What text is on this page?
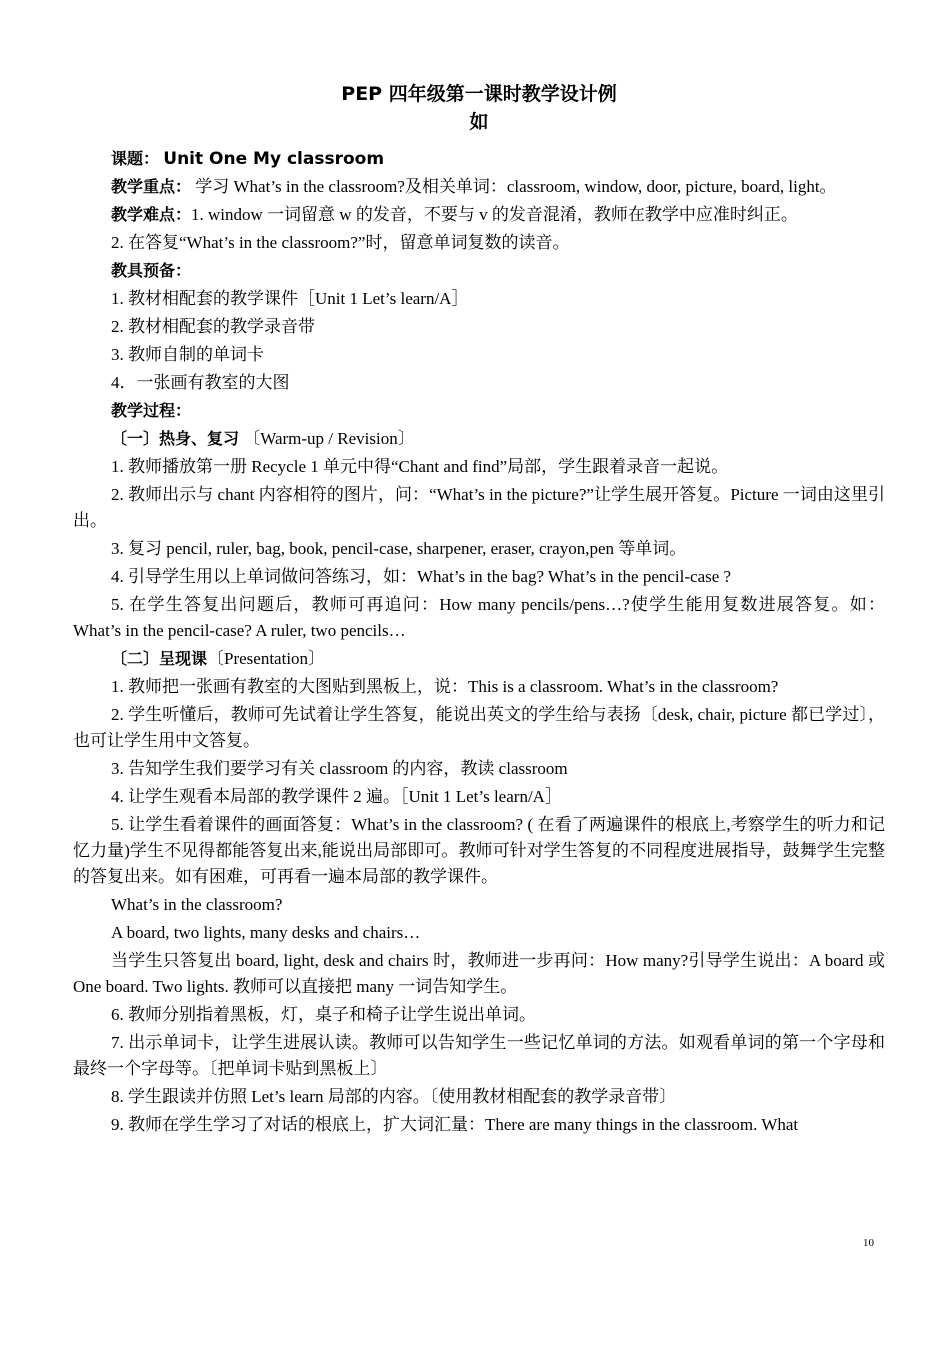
PEP 四年级第一课时教学设计例
如

课题： Unit One My classroom

教学重点： 学习 What’s in the classroom?及相关单词：classroom, window, door, picture, board, light。

教学难点：1. window 一词留意 w 的发音，不要与 v 的发音混淆，教师在教学中应准时纠正。

2. 在答复“What’s in the classroom?”时，留意单词复数的读音。

教具预备：

1. 教材相配套的教学课件［Unit 1 Let’s learn/A］

2. 教材相配套的教学录音带

3. 教师自制的单词卡

4．一张画有教室的大图

教学过程：

〔一〕热身、复习 〔Warm-up / Revision〕

1. 教师播放第一册 Recycle 1 单元中得“Chant and find”局部，学生跟着录音一起说。

2. 教师出示与 chant 内容相符的图片，问：“What’s in the picture?”让学生展开答复。Picture 一词由这里引出。

3. 复习 pencil, ruler, bag, book, pencil-case, sharpener, eraser, crayon,pen 等单词。

4. 引导学生用以上单词做问答练习，如：What’s in the bag? What’s in the pencil-case ?

5. 在学生答复出问题后，教师可再追问：How many pencils/pens…?使学生能用复数进展答复。如：What’s in the pencil-case? A ruler, two pencils…

〔二〕呈现课〔Presentation〕

1. 教师把一张画有教室的大图贴到黑板上，说：This is a classroom. What’s in the classroom?

2. 学生听懂后，教师可先试着让学生答复，能说出英文的学生给与表扬〔desk, chair, picture 都已学过〕，也可让学生用中文答复。

3. 告知学生我们要学习有关 classroom 的内容，教读 classroom

4. 让学生观看本局部的教学课件 2 遍。［Unit 1 Let’s learn/A］

5. 让学生看着课件的画面答复：What’s in the classroom? ( 在看了两遍课件的根底上,考察学生的听力和记忆力量)学生不见得都能答复出来,能说出局部即可。教师可针对学生答复的不同程度进展指导，鼓舞学生完整的答复出来。如有困难，可再看一遍本局部的教学课件。

What’s in the classroom?

A board, two lights, many desks and chairs…

当学生只答复出 board, light, desk and chairs 时，教师进一步再问：How many?引导学生说出：A board 或 One board. Two lights. 教师可以直接把 many 一词告知学生。

6. 教师分别指着黑板，灯，桌子和椅子让学生说出单词。

7. 出示单词卡，让学生进展认读。教师可以告知学生一些记忆单词的方法。如观看单词的第一个字母和最终一个字母等。〔把单词卡贴到黑板上〕

8. 学生跟读并仿照 Let’s learn 局部的内容。〔使用教材相配套的教学录音带〕

9. 教师在学生学习了对话的根底上，扩大词汇量：There are many things in the classroom. What

10
